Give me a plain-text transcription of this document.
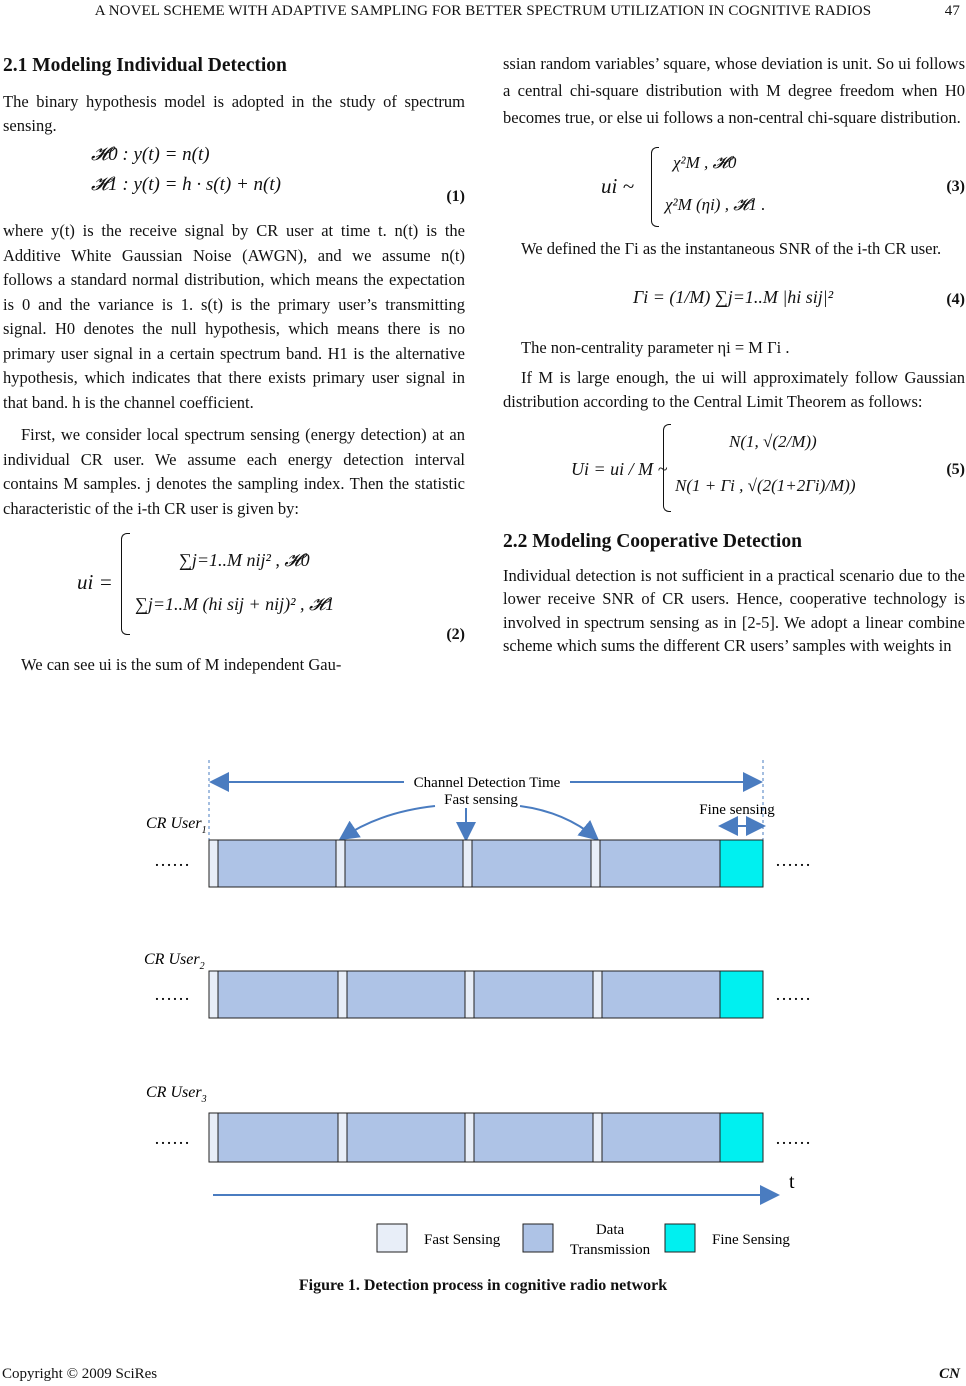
A NOVEL SCHEME WITH ADAPTIVE SAMPLING FOR BETTER SPECTRUM UTILIZATION IN COGNITIVE RADIOS	47
2.1 Modeling Individual Detection

The binary hypothesis model is adopted in the study of spectrum sensing.

𝓗0 : y(t) = n(t)
𝓗1 : y(t) = h · s(t) + n(t)
(1)

where y(t) is the receive signal by CR user at time t. n(t) is the Additive White Gaussian Noise (AWGN), and we assume n(t) follows a standard normal distribution, which means the expectation is 0 and the variance is 1. s(t) is the primary user’s transmitting signal. H0 denotes the null hypothesis, which means there is no primary user signal in a certain spectrum band. H1 is the alternative hypothesis, which indicates that there exists primary user signal in that band. h is the channel coefficient.

First, we consider local spectrum sensing (energy detection) at an individual CR user. We assume each energy detection interval contains M samples. j denotes the sampling index. Then the statistic characteristic of the i-th CR user is given by:

ui =
∑j=1..M nij² , 𝓗0
∑j=1..M (hi sij + nij)² , 𝓗1
(2)

We can see ui is the sum of M independent Gau-

ssian random variables’ square, whose deviation is unit. So ui follows a central chi-square distribution with M degree freedom when H0 becomes true, or else ui follows a non-central chi-square distribution.

ui ~
χ²M , 𝓗0
χ²M (ηi) , 𝓗1 .
(3)

We defined the Γi as the instantaneous SNR of the i-th CR user.

Γi = (1/M) ∑j=1..M |hi sij|²	(4)

The non-centrality parameter ηi = M Γi .

If M is large enough, the ui will approximately follow Gaussian distribution according to the Central Limit Theorem as follows:

Ui = ui / M ~
N(1, √(2/M))
N(1 + Γi , √(2(1+2Γi)/M))
(5)
2.2 Modeling Cooperative Detection

Individual detection is not sufficient in a practical scenario due to the lower receive SNR of CR users. Hence, cooperative technology is involved in spectrum sensing as in [2-5]. We adopt a linear combine scheme which sums the different CR users’ samples with weights in

Channel Detection Time
Fast sensing
Fine sensing
CR User$_1$
CR User$_2$
CR User$_3$
……	……
……	……
……	……
t
Fast Sensing
Data
Transmission
Fine Sensing
Figure 1. Detection process in cognitive radio network
Copyright © 2009 SciRes	CN
